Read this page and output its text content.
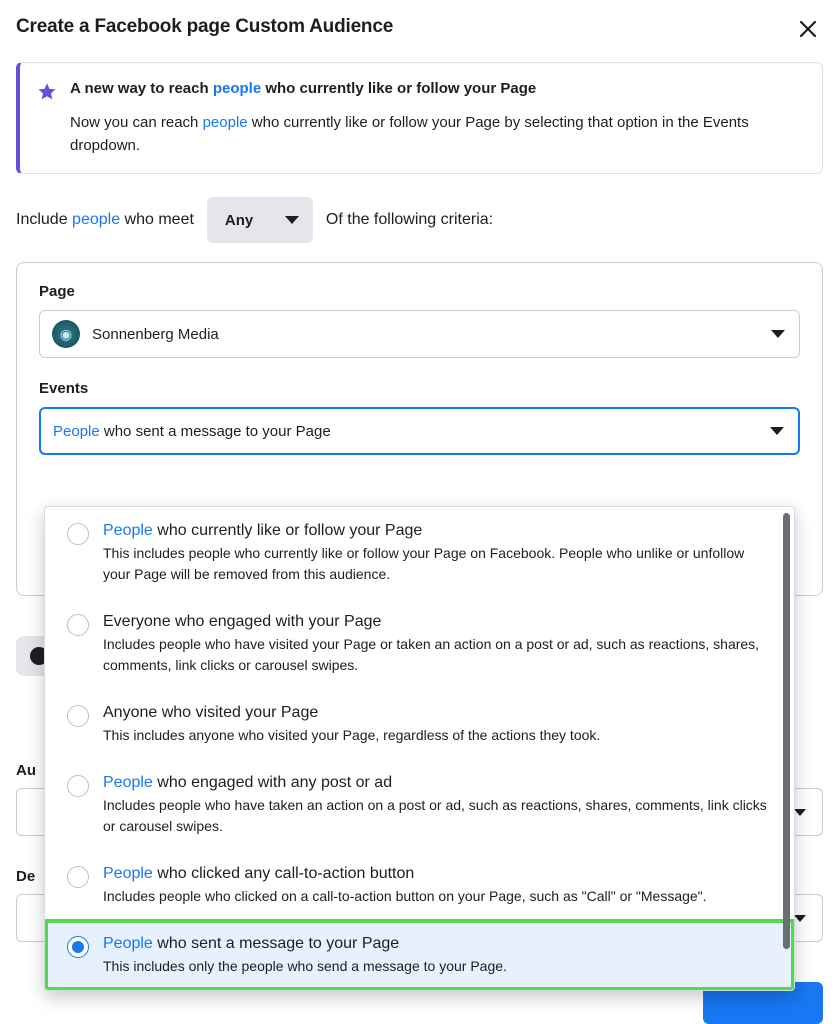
Create a Facebook page Custom Audience
A new way to reach people who currently like or follow your Page
Now you can reach people who currently like or follow your Page by selecting that option in the Events dropdown.
Include people who meet Any	Of the following criteria:
Page
◉ Sonnenberg Media
Events
People who sent a message to your Page
Au
De
People who currently like or follow your Page
This includes people who currently like or follow your Page on Facebook. People who unlike or unfollow your Page will be removed from this audience.
Everyone who engaged with your Page
Includes people who have visited your Page or taken an action on a post or ad, such as reactions, shares, comments, link clicks or carousel swipes.
Anyone who visited your Page
This includes anyone who visited your Page, regardless of the actions they took.
People who engaged with any post or ad
Includes people who have taken an action on a post or ad, such as reactions, shares, comments, link clicks or carousel swipes.
People who clicked any call-to-action button
Includes people who clicked on a call-to-action button on your Page, such as "Call" or "Message".
People who sent a message to your Page
This includes only the people who send a message to your Page.
